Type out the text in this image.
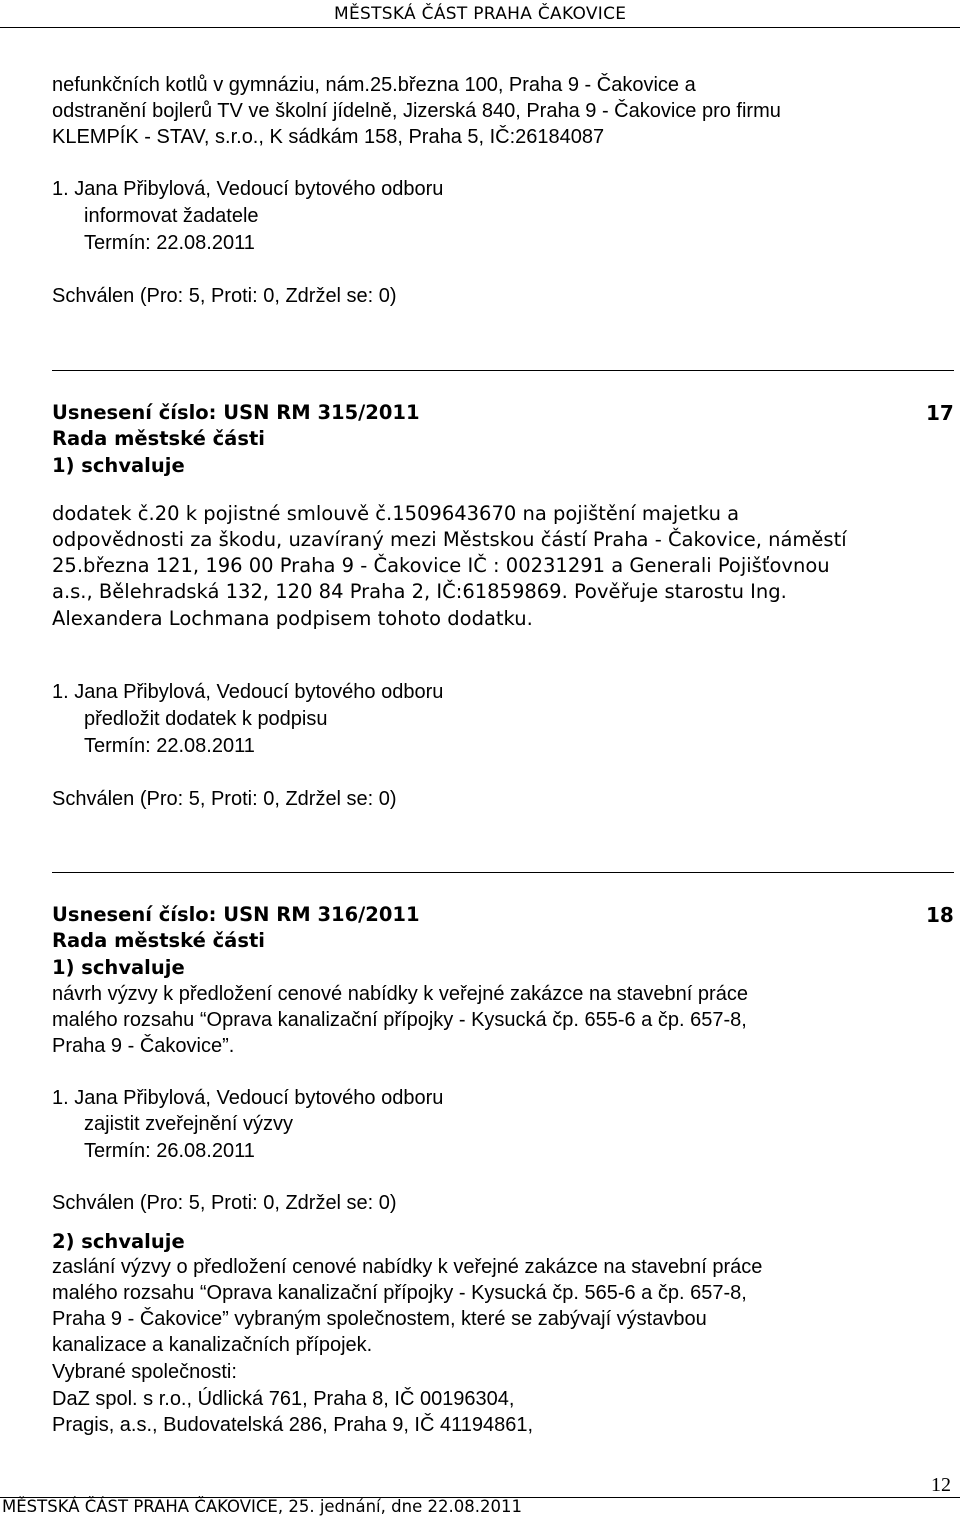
MĚSTSKÁ ČÁST PRAHA ČAKOVICE
nefunkčních kotlů v gymnáziu, nám.25.března 100, Praha 9 - Čakovice a
odstranění bojlerů TV ve školní jídelně, Jizerská 840, Praha 9 - Čakovice pro firmu
KLEMPÍK - STAV, s.r.o., K sádkám 158, Praha 5, IČ:26184087
1. Jana Přibylová, Vedoucí bytového odboru
informovat žadatele
Termín: 22.08.2011
Schválen (Pro: 5, Proti: 0, Zdržel se: 0)
Usnesení číslo: USN RM 315/2011	17
Rada městské části
1) schvaluje
dodatek č.20 k pojistné smlouvě č.1509643670 na pojištění majetku a
odpovědnosti za škodu, uzavíraný mezi Městskou částí Praha - Čakovice, náměstí
25.března 121, 196 00 Praha 9 - Čakovice IČ : 00231291 a Generali Pojišťovnou
a.s., Bělehradská 132, 120 84 Praha 2, IČ:61859869. Pověřuje starostu Ing.
Alexandera Lochmana podpisem tohoto dodatku.
1. Jana Přibylová, Vedoucí bytového odboru
předložit dodatek k podpisu
Termín: 22.08.2011
Schválen (Pro: 5, Proti: 0, Zdržel se: 0)
Usnesení číslo: USN RM 316/2011	18
Rada městské části
1) schvaluje
návrh výzvy k předložení cenové nabídky k veřejné zakázce na stavební práce
malého rozsahu “Oprava kanalizační přípojky - Kysucká čp. 655-6 a čp. 657-8,
Praha 9 - Čakovice”.
1. Jana Přibylová, Vedoucí bytového odboru
zajistit zveřejnění výzvy
Termín: 26.08.2011
Schválen (Pro: 5, Proti: 0, Zdržel se: 0)
2) schvaluje
zaslání výzvy o předložení cenové nabídky k veřejné zakázce na stavební práce
malého rozsahu “Oprava kanalizační přípojky - Kysucká čp. 565-6 a čp. 657-8,
Praha 9 - Čakovice” vybraným společnostem, které se zabývají výstavbou
kanalizace a kanalizačních přípojek.
Vybrané společnosti:
DaZ spol. s r.o., Údlická 761, Praha 8, IČ 00196304,
Pragis, a.s., Budovatelská 286, Praha 9, IČ 41194861,
12
MĚSTSKÁ ČÁST PRAHA ČAKOVICE, 25. jednání, dne 22.08.2011
